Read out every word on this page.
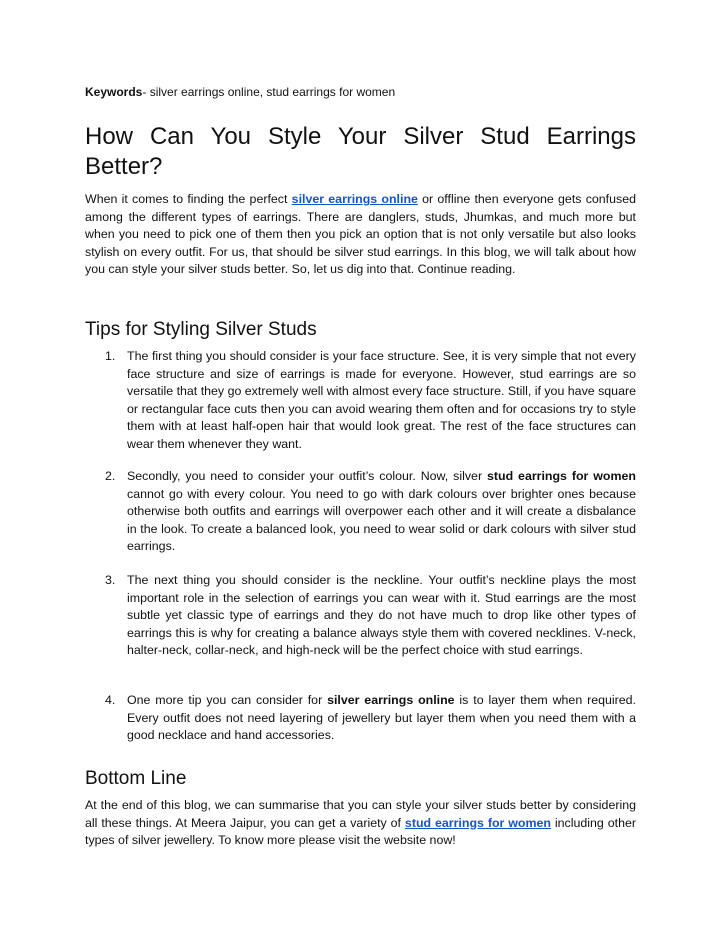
Keywords- silver earrings online, stud earrings for women
How Can You Style Your Silver Stud Earrings Better?

When it comes to finding the perfect silver earrings online or offline then everyone gets confused among the different types of earrings. There are danglers, studs, Jhumkas, and much more but when you need to pick one of them then you pick an option that is not only versatile but also looks stylish on every outfit. For us, that should be silver stud earrings. In this blog, we will talk about how you can style your silver studs better. So, let us dig into that. Continue reading.

Tips for Styling Silver Studs
1. The first thing you should consider is your face structure. See, it is very simple that not every face structure and size of earrings is made for everyone. However, stud earrings are so versatile that they go extremely well with almost every face structure. Still, if you have square or rectangular face cuts then you can avoid wearing them often and for occasions try to style them with at least half-open hair that would look great. The rest of the face structures can wear them whenever they want.

2. Secondly, you need to consider your outfit’s colour. Now, silver stud earrings for women cannot go with every colour. You need to go with dark colours over brighter ones because otherwise both outfits and earrings will overpower each other and it will create a disbalance in the look. To create a balanced look, you need to wear solid or dark colours with silver stud earrings.

3. The next thing you should consider is the neckline. Your outfit’s neckline plays the most important role in the selection of earrings you can wear with it. Stud earrings are the most subtle yet classic type of earrings and they do not have much to drop like other types of earrings this is why for creating a balance always style them with covered necklines. V-neck, halter-neck, collar-neck, and high-neck will be the perfect choice with stud earrings.

4. One more tip you can consider for silver earrings online is to layer them when required. Every outfit does not need layering of jewellery but layer them when you need them with a good necklace and hand accessories.

Bottom Line

At the end of this blog, we can summarise that you can style your silver studs better by considering all these things. At Meera Jaipur, you can get a variety of stud earrings for women including other types of silver jewellery. To know more please visit the website now!
